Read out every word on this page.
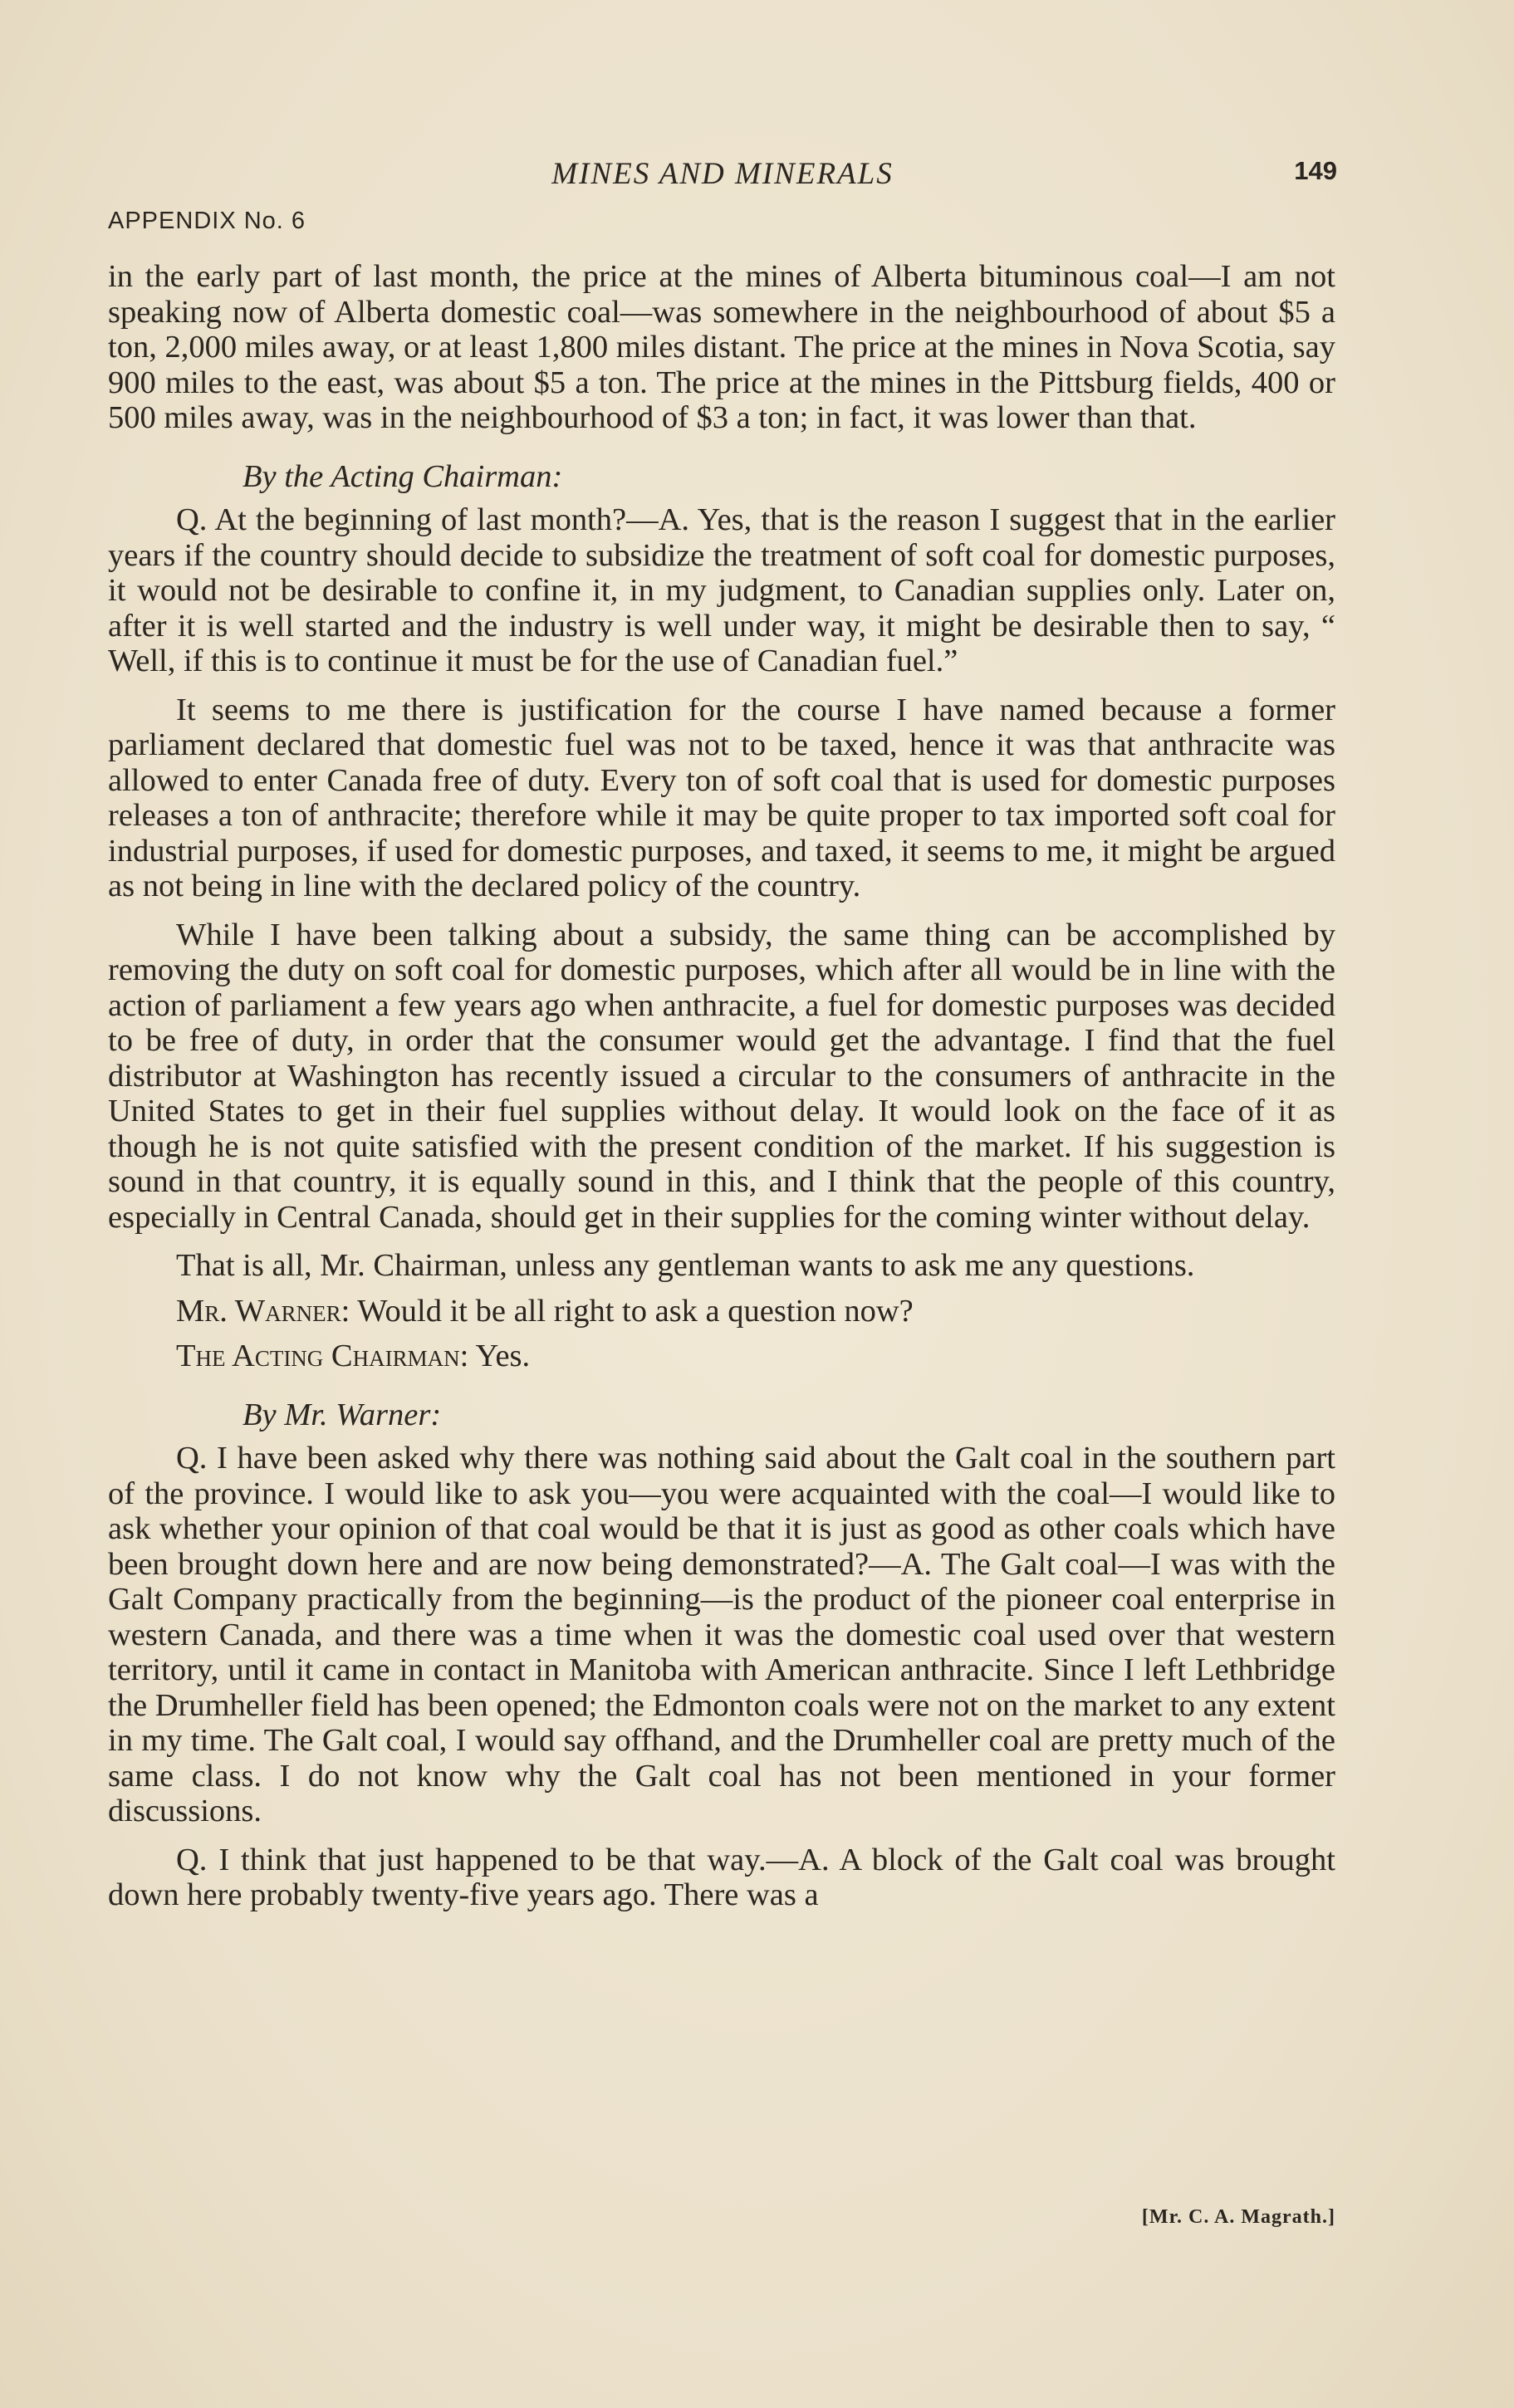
MINES AND MINERALS	149
APPENDIX No. 6

in the early part of last month, the price at the mines of Alberta bituminous coal—I am not speaking now of Alberta domestic coal—was somewhere in the neighbourhood of about $5 a ton, 2,000 miles away, or at least 1,800 miles distant. The price at the mines in Nova Scotia, say 900 miles to the east, was about $5 a ton. The price at the mines in the Pittsburg fields, 400 or 500 miles away, was in the neighbourhood of $3 a ton; in fact, it was lower than that.

By the Acting Chairman:

Q. At the beginning of last month?—A. Yes, that is the reason I suggest that in the earlier years if the country should decide to subsidize the treatment of soft coal for domestic purposes, it would not be desirable to confine it, in my judgment, to Canadian supplies only. Later on, after it is well started and the industry is well under way, it might be desirable then to say, “ Well, if this is to continue it must be for the use of Canadian fuel.”

It seems to me there is justification for the course I have named because a former parliament declared that domestic fuel was not to be taxed, hence it was that anthracite was allowed to enter Canada free of duty. Every ton of soft coal that is used for domestic purposes releases a ton of anthracite; therefore while it may be quite proper to tax imported soft coal for industrial purposes, if used for domestic purposes, and taxed, it seems to me, it might be argued as not being in line with the declared policy of the country.

While I have been talking about a subsidy, the same thing can be accomplished by removing the duty on soft coal for domestic purposes, which after all would be in line with the action of parliament a few years ago when anthracite, a fuel for domestic purposes was decided to be free of duty, in order that the consumer would get the advantage. I find that the fuel distributor at Washington has recently issued a circular to the consumers of anthracite in the United States to get in their fuel supplies without delay. It would look on the face of it as though he is not quite satisfied with the present condition of the market. If his suggestion is sound in that country, it is equally sound in this, and I think that the people of this country, especially in Central Canada, should get in their supplies for the coming winter without delay.

That is all, Mr. Chairman, unless any gentleman wants to ask me any questions.

Mr. Warner: Would it be all right to ask a question now?

The Acting Chairman: Yes.

By Mr. Warner:

Q. I have been asked why there was nothing said about the Galt coal in the southern part of the province. I would like to ask you—you were acquainted with the coal—I would like to ask whether your opinion of that coal would be that it is just as good as other coals which have been brought down here and are now being demonstrated?—A. The Galt coal—I was with the Galt Company practically from the beginning—is the product of the pioneer coal enterprise in western Canada, and there was a time when it was the domestic coal used over that western territory, until it came in contact in Manitoba with American anthracite. Since I left Lethbridge the Drumheller field has been opened; the Edmonton coals were not on the market to any extent in my time. The Galt coal, I would say offhand, and the Drumheller coal are pretty much of the same class. I do not know why the Galt coal has not been mentioned in your former discussions.

Q. I think that just happened to be that way.—A. A block of the Galt coal was brought down here probably twenty-five years ago. There was a

[Mr. C. A. Magrath.]
